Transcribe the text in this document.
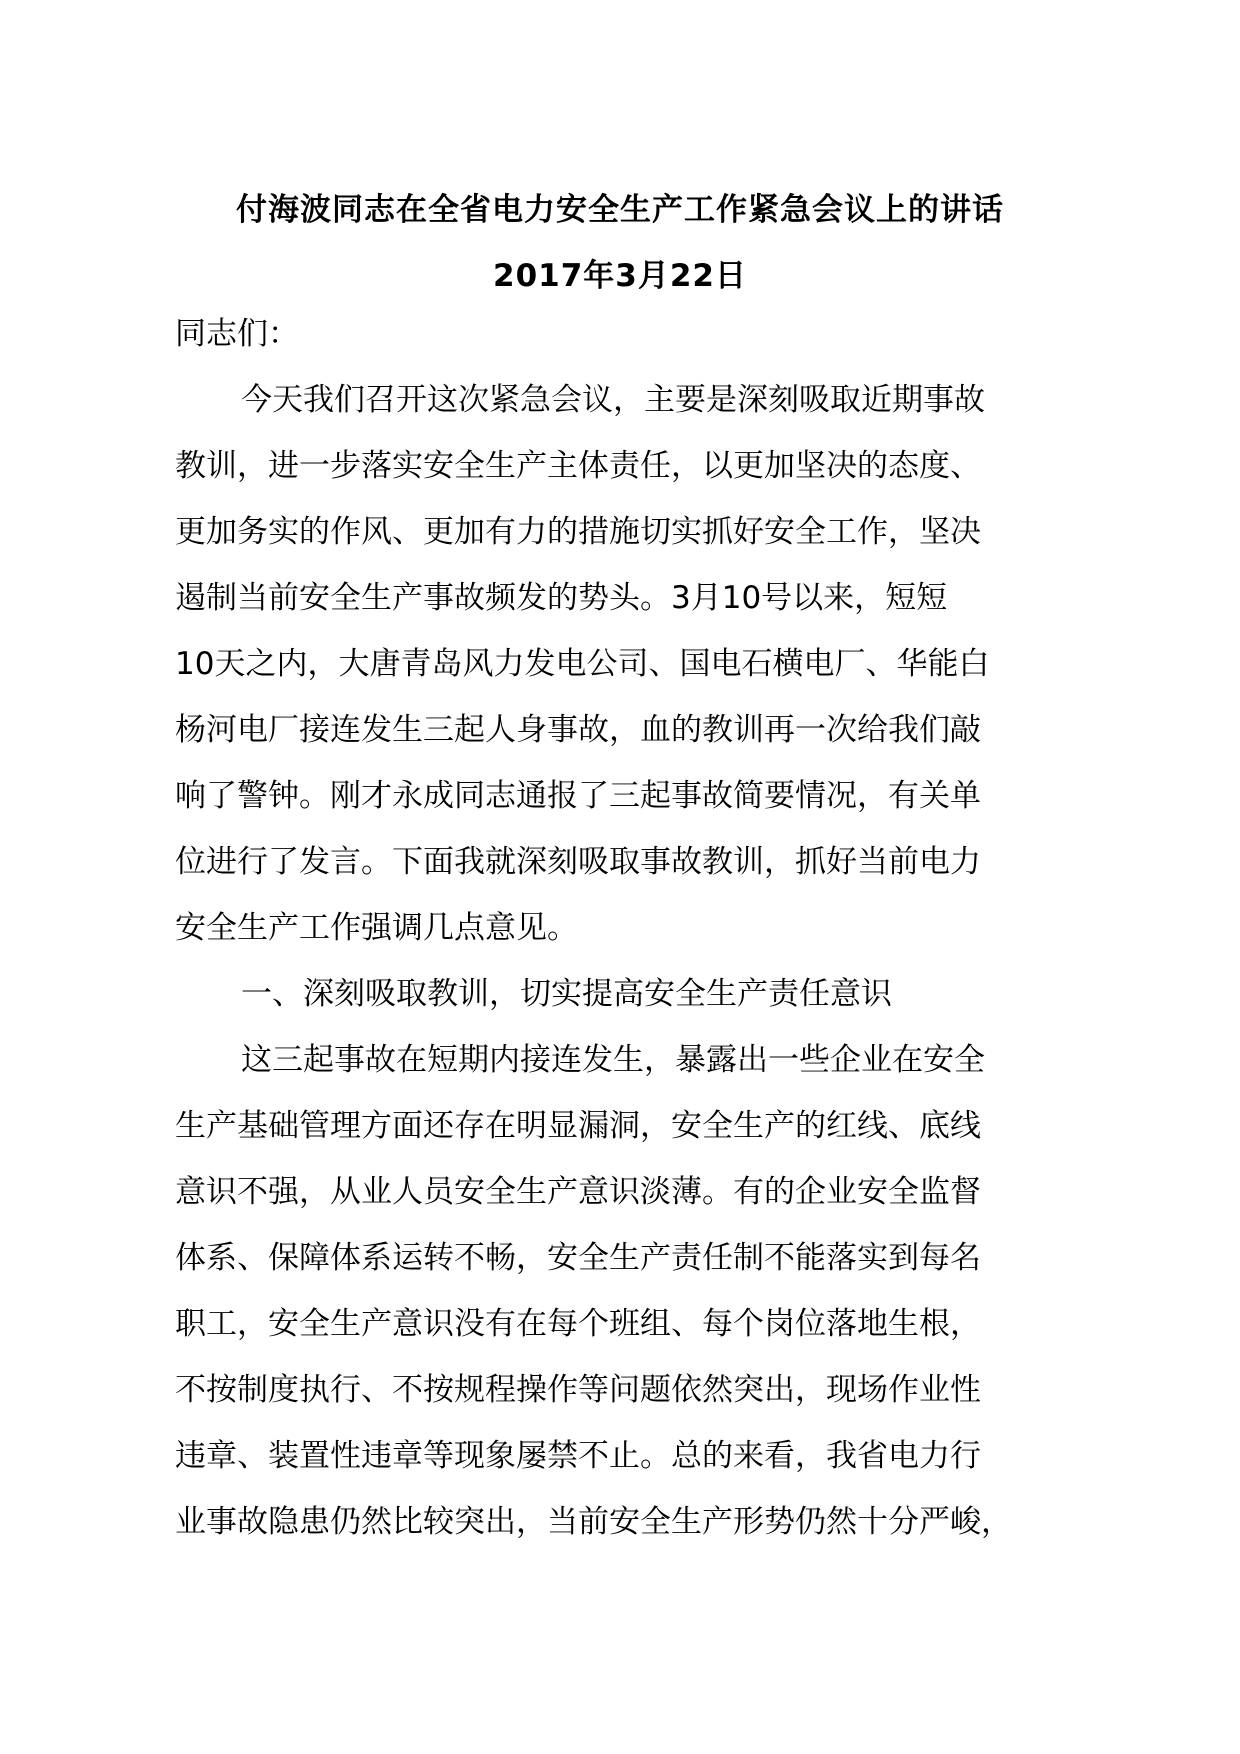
付海波同志在全省电力安全生产工作紧急会议上的讲话
2017年3月22日

同志们：

今天我们召开这次紧急会议，主要是深刻吸取近期事故

教训，进一步落实安全生产主体责任，以更加坚决的态度、

更加务实的作风、更加有力的措施切实抓好安全工作，坚决

遏制当前安全生产事故频发的势头。3月10号以来，短短

10天之内，大唐青岛风力发电公司、国电石横电厂、华能白

杨河电厂接连发生三起人身事故，血的教训再一次给我们敲

响了警钟。刚才永成同志通报了三起事故简要情况，有关单

位进行了发言。下面我就深刻吸取事故教训，抓好当前电力

安全生产工作强调几点意见。

一、深刻吸取教训，切实提高安全生产责任意识

这三起事故在短期内接连发生，暴露出一些企业在安全

生产基础管理方面还存在明显漏洞，安全生产的红线、底线

意识不强，从业人员安全生产意识淡薄。有的企业安全监督

体系、保障体系运转不畅，安全生产责任制不能落实到每名

职工，安全生产意识没有在每个班组、每个岗位落地生根，

不按制度执行、不按规程操作等问题依然突出，现场作业性

违章、装置性违章等现象屡禁不止。总的来看，我省电力行

业事故隐患仍然比较突出，当前安全生产形势仍然十分严峻，
